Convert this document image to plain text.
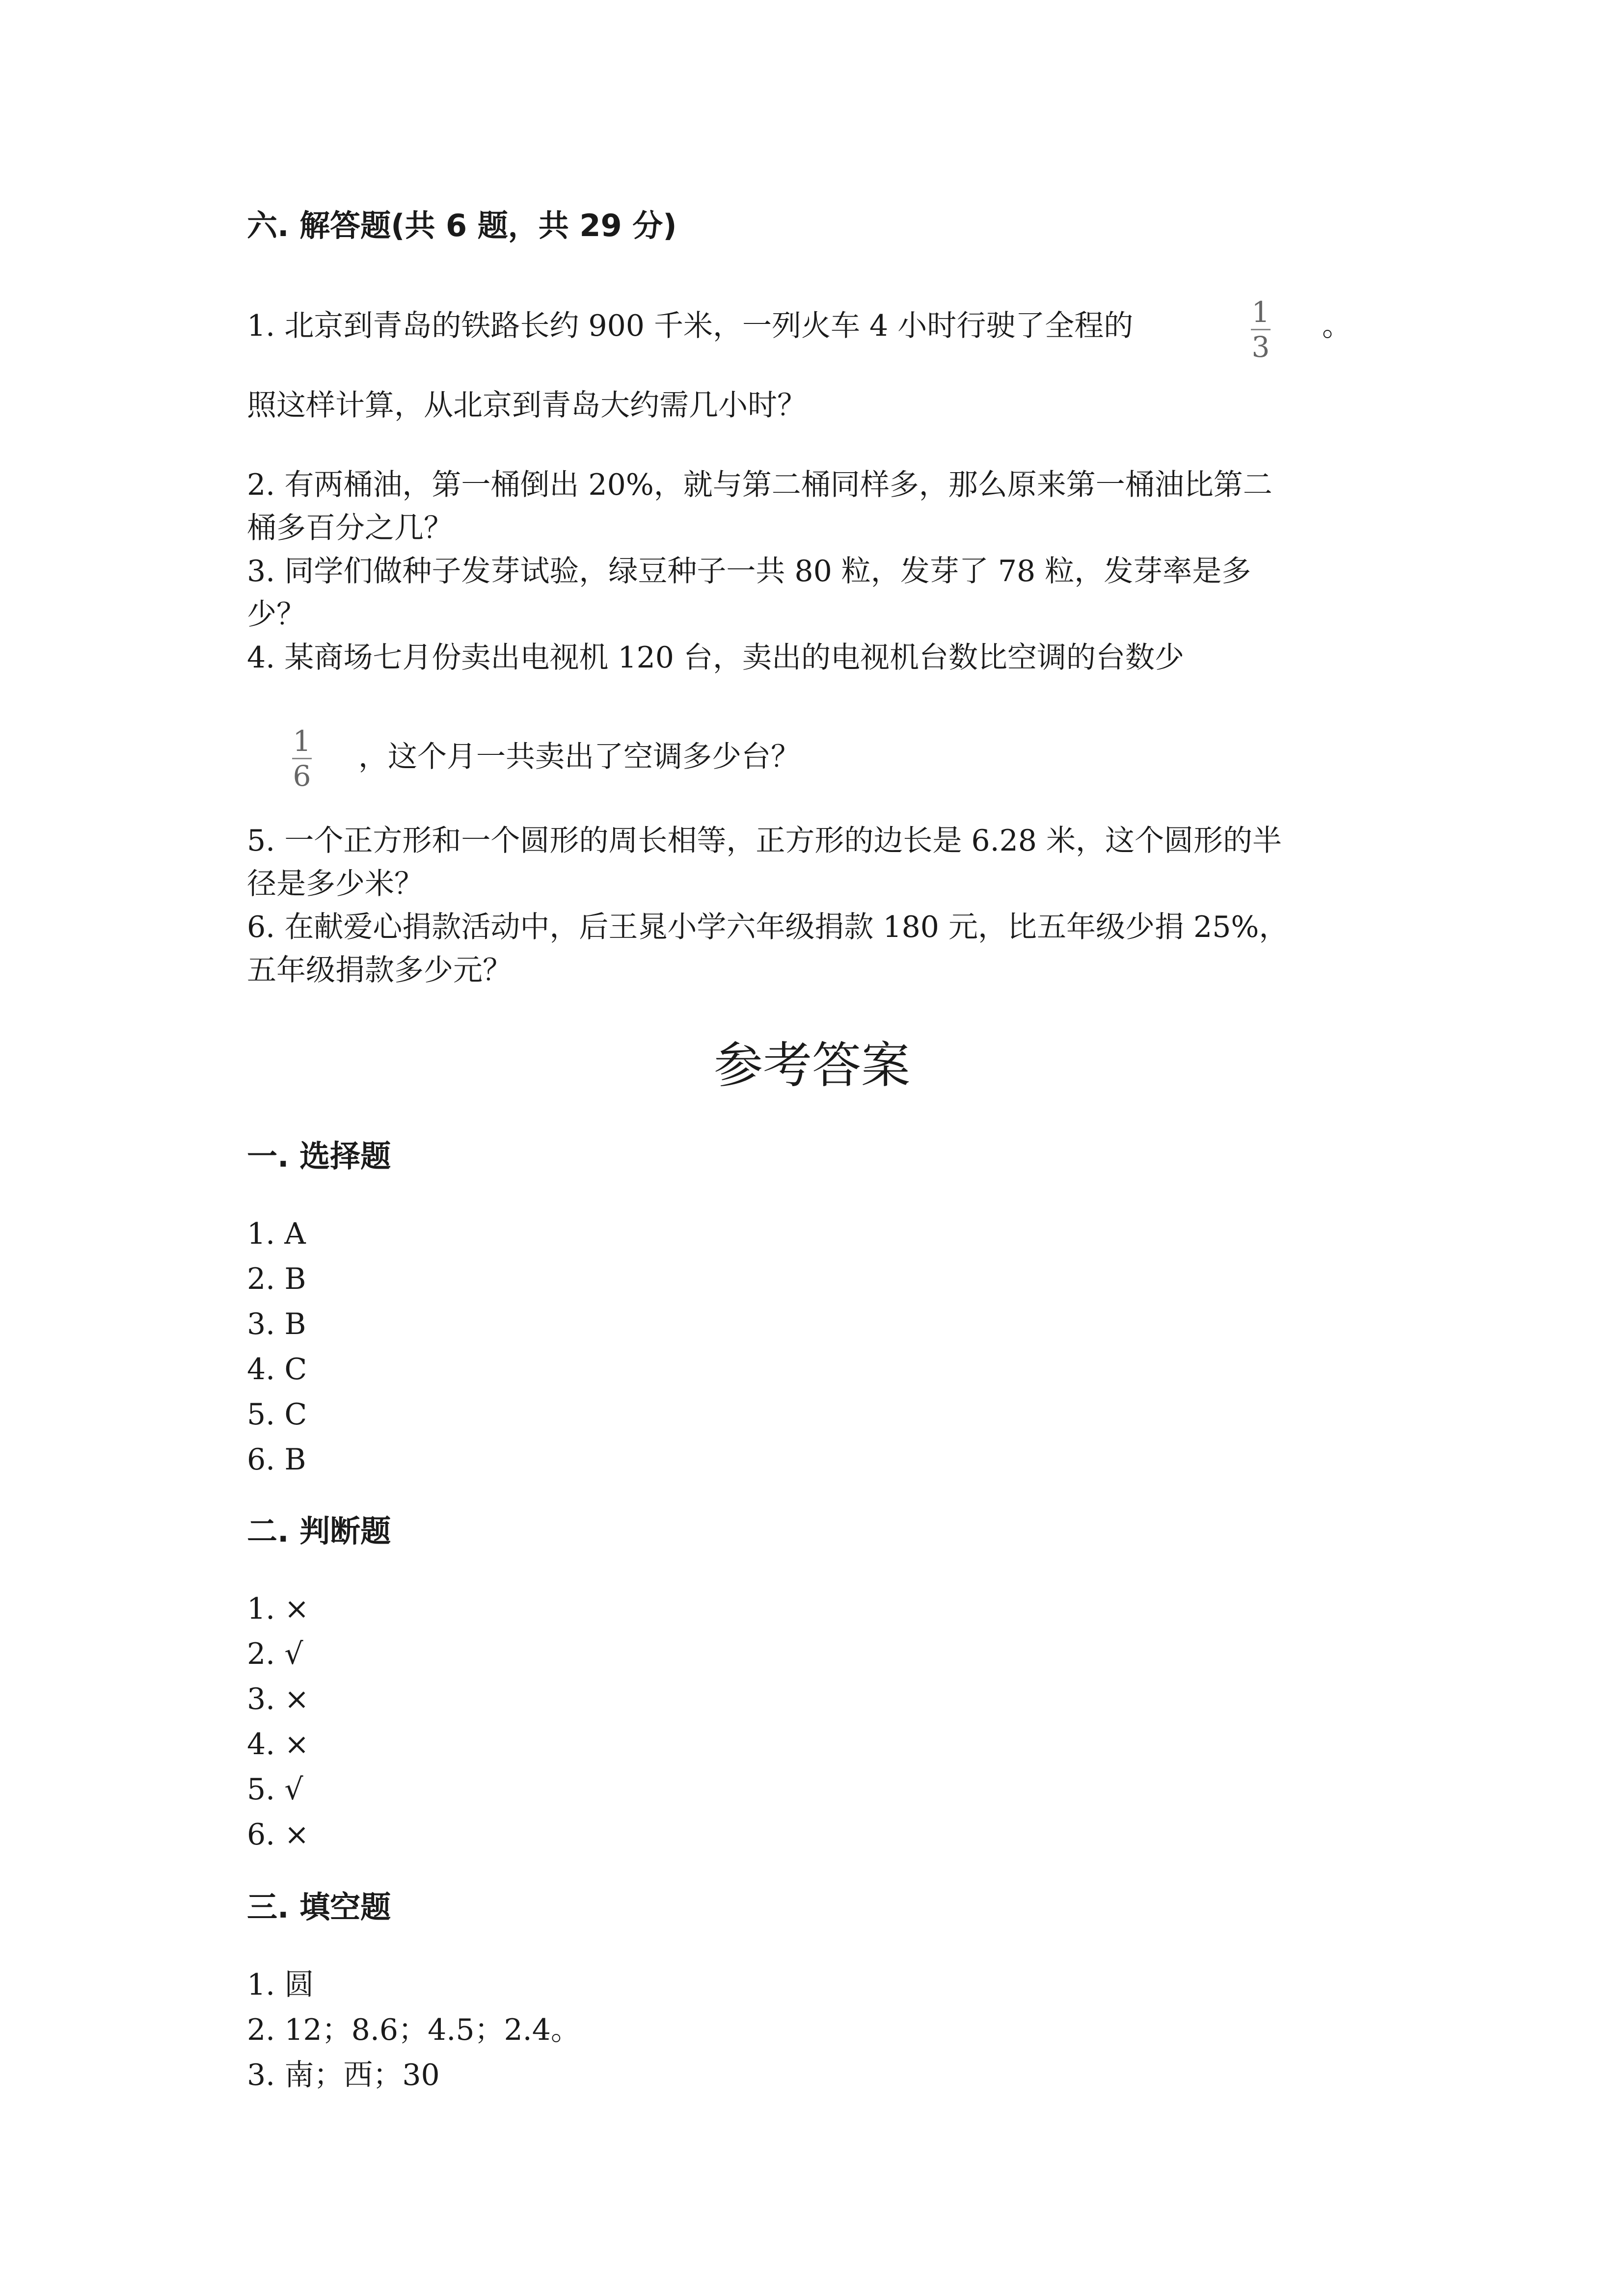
六. 解答题(共 6 题，共 29 分)
1. 北京到青岛的铁路长约 900 千米，一列火车 4 小时行驶了全程的	1
3
。
照这样计算，从北京到青岛大约需几小时？
2. 有两桶油，第一桶倒出 20%，就与第二桶同样多，那么原来第一桶油比第二
桶多百分之几？
3. 同学们做种子发芽试验，绿豆种子一共 80 粒，发芽了 78 粒，发芽率是多
少？
4. 某商场七月份卖出电视机 120 台，卖出的电视机台数比空调的台数少
1
6
，这个月一共卖出了空调多少台？
5. 一个正方形和一个圆形的周长相等，正方形的边长是 6.28 米，这个圆形的半
径是多少米？
6. 在献爱心捐款活动中，后王晁小学六年级捐款 180 元，比五年级少捐 25%，
五年级捐款多少元？
参考答案
一. 选择题
1. A
2. B
3. B
4. C
5. C
6. B
二. 判断题
1. ×
2. √
3. ×
4. ×
5. √
6. ×
三. 填空题
1. 圆
2. 12；8.6；4.5；2.4。
3. 南；西；30
